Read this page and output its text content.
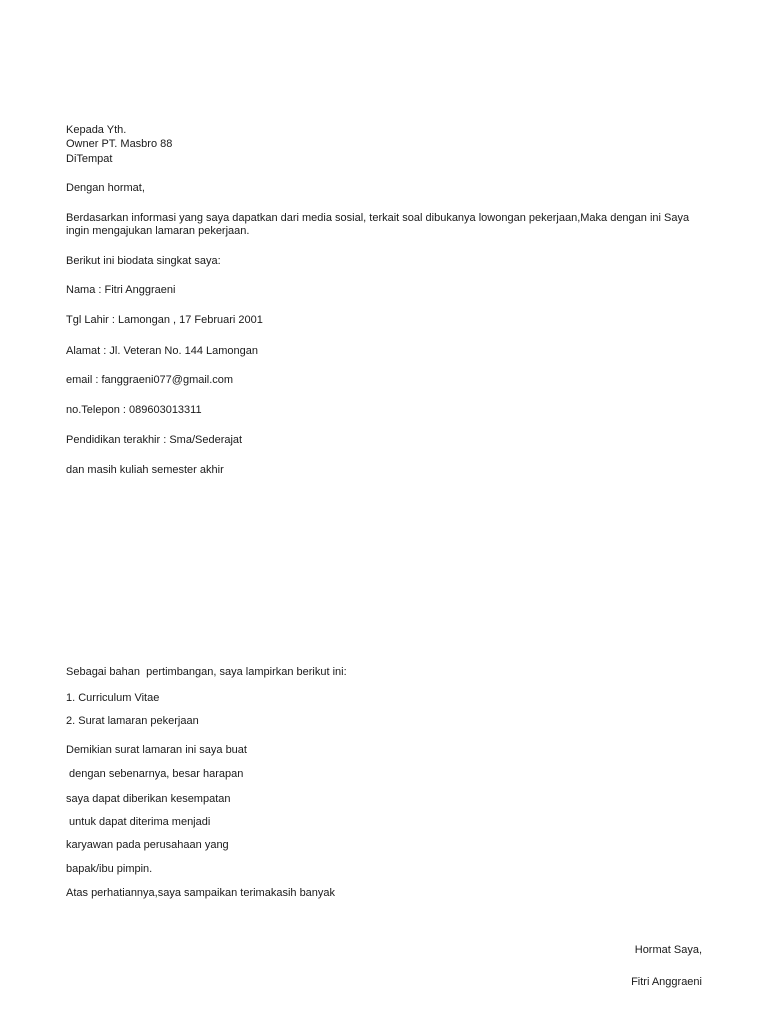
Kepada Yth.
Owner PT. Masbro 88
DiTempat
Dengan hormat,
Berdasarkan informasi yang saya dapatkan dari media sosial, terkait soal dibukanya lowongan pekerjaan,Maka dengan ini Saya ingin mengajukan lamaran pekerjaan.
Berikut ini biodata singkat saya:
Nama : Fitri Anggraeni
Tgl Lahir : Lamongan , 17 Februari 2001
Alamat : Jl. Veteran No. 144 Lamongan
email : fanggraeni077@gmail.com
no.Telepon : 089603013311
Pendidikan terakhir : Sma/Sederajat
dan masih kuliah semester akhir
Sebagai bahan  pertimbangan, saya lampirkan berikut ini:
1. Curriculum Vitae
2. Surat lamaran pekerjaan
Demikian surat lamaran ini saya buat
dengan sebenarnya, besar harapan
saya dapat diberikan kesempatan
untuk dapat diterima menjadi
karyawan pada perusahaan yang
bapak/ibu pimpin.
Atas perhatiannya,saya sampaikan terimakasih banyak
Hormat Saya,
Fitri Anggraeni
